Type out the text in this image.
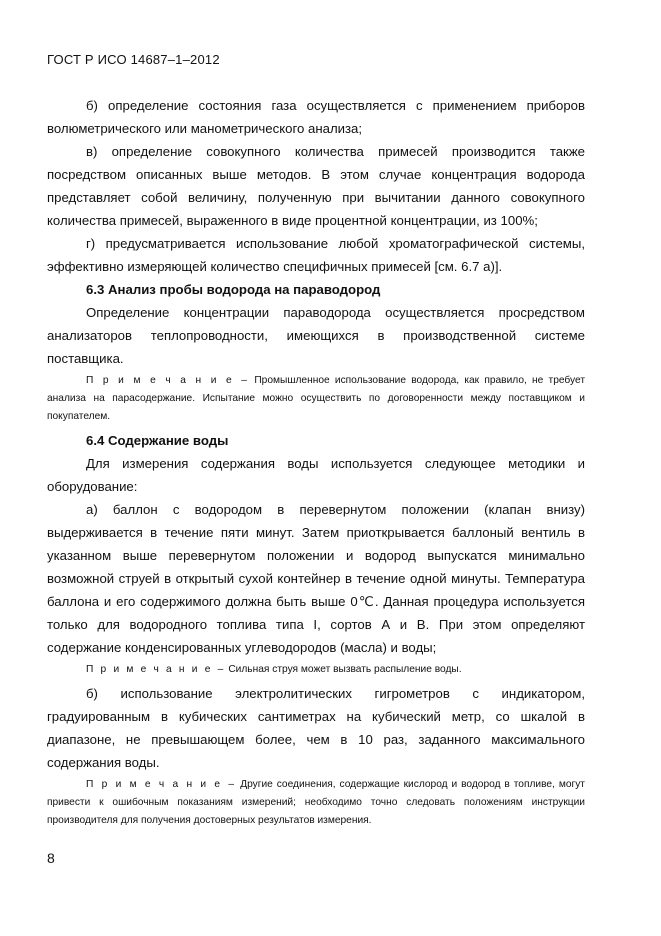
ГОСТ Р ИСО 14687–1–2012

б) определение состояния газа осуществляется с применением приборов волюметрического или манометрического анализа;

в) определение совокупного количества примесей производится также посредством описанных выше методов. В этом случае концентрация водорода представляет собой величину, полученную при вычитании данного совокупного количества примесей, выраженного в виде процентной концентрации, из 100%;

г) предусматривается использование любой хроматографической системы, эффективно измеряющей количество специфичных примесей [см. 6.7 а)].

6.3 Анализ пробы водорода на параводород

Определение концентрации параводорода осуществляется просредством анализаторов теплопроводности, имеющихся в производственной системе поставщика.

П р и м е ч а н и е – Промышленное использование водорода, как правило, не требует анализа на парасодержание. Испытание можно осуществить по договоренности между поставщиком и покупателем.

6.4 Содержание воды

Для измерения содержания воды используется следующее методики и оборудование:

а) баллон с водородом в перевернутом положении (клапан внизу) выдерживается в течение пяти минут. Затем приоткрывается баллоный вентиль в указанном выше перевернутом положении и водород выпускатся минимально возможной струей в открытый сухой контейнер в течение одной минуты. Температура баллона и его содержимого должна быть выше 0℃. Данная процедура используется только для водородного топлива типа I, сортов А и В. При этом определяют содержание конденсированных углеводородов (масла) и воды;

П р и м е ч а н и е – Сильная струя может вызвать распыление воды.

б) использование электролитических гигрометров с индикатором, градуированным в кубических сантиметрах на кубический метр, со шкалой в диапазоне, не превышающем более, чем в 10 раз, заданного максимального содержания воды.

П р и м е ч а н и е – Другие соединения, содержащие кислород и водород в топливе, могут привести к ошибочным показаниям измерений; необходимо точно следовать положениям инструкции производителя для получения достоверных результатов измерения.

8
